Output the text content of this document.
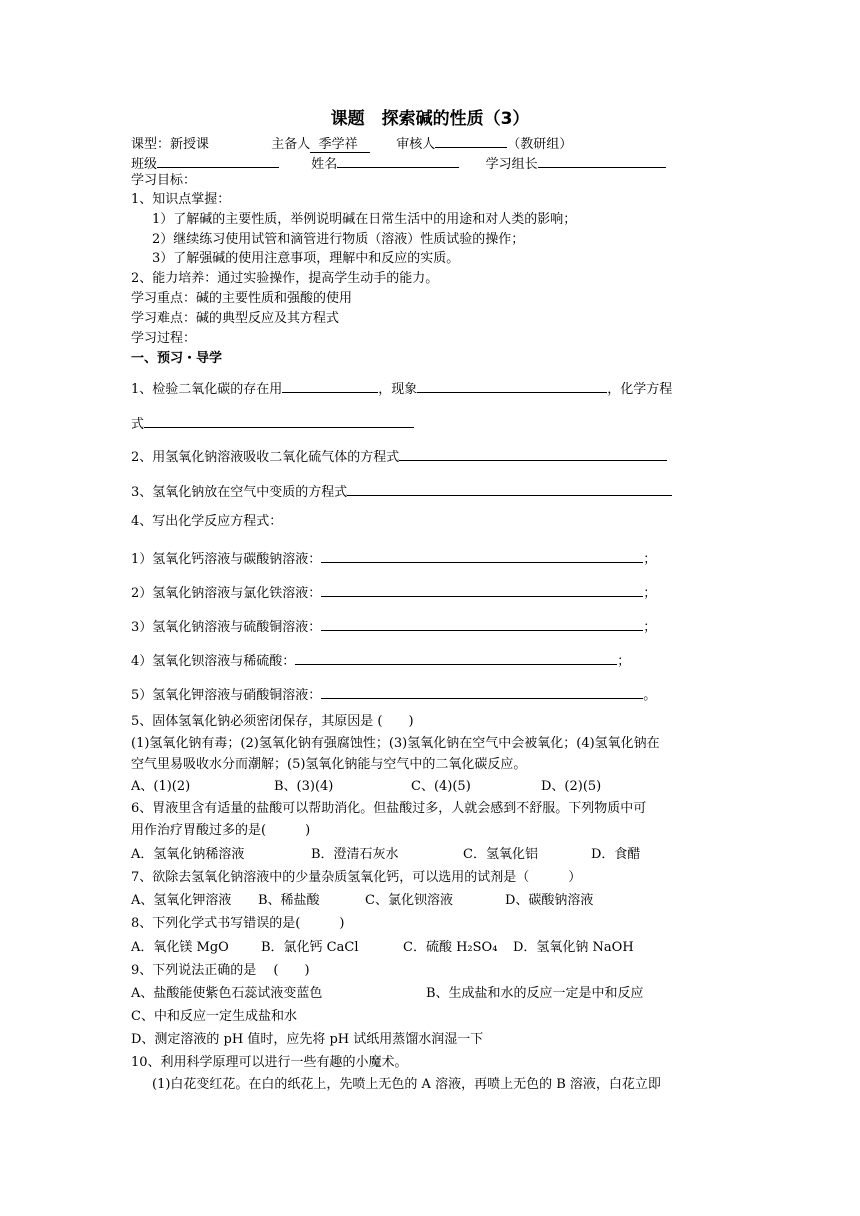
课题　探索碱的性质（3）
课型：新授课	主备人 季学祥	审核人	（教研组）
班级	姓名	学习组长
学习目标：
1、知识点掌握：
1）了解碱的主要性质，举例说明碱在日常生活中的用途和对人类的影响；
2）继续练习使用试管和滴管进行物质（溶液）性质试验的操作；
3）了解强碱的使用注意事项，理解中和反应的实质。
2、能力培养：通过实验操作，提高学生动手的能力。
学习重点：碱的主要性质和强酸的使用
学习难点：碱的典型反应及其方程式
学习过程：
一、预习・导学
1、检验二氧化碳的存在用	，现象	，化学方程
式
2、用氢氧化钠溶液吸收二氧化硫气体的方程式
3、氢氧化钠放在空气中变质的方程式
4、写出化学反应方程式：
1）氢氧化钙溶液与碳酸钠溶液：	；
2）氢氧化钠溶液与氯化铁溶液：	；
3）氢氧化钠溶液与硫酸铜溶液：	；
4）氢氧化钡溶液与稀硫酸：	；
5）氢氧化钾溶液与硝酸铜溶液：	。
5、固体氢氧化钠必须密闭保存，其原因是 (　　)
(1)氢氧化钠有毒；(2)氢氧化钠有强腐蚀性；(3)氢氧化钠在空气中会被氧化；(4)氢氧化钠在
空气里易吸收水分而潮解；(5)氢氧化钠能与空气中的二氧化碳反应。
A、(1)(2)	B、(3)(4)	C、(4)(5)	D、(2)(5)
6、胃液里含有适量的盐酸可以帮助消化。但盐酸过多，人就会感到不舒服。下列物质中可
用作治疗胃酸过多的是(　　　)
A．氢氧化钠稀溶液	B．澄清石灰水	C．氢氧化铝	D．食醋
7、欲除去氢氧化钠溶液中的少量杂质氢氧化钙，可以选用的试剂是（　　　）
A、氢氧化钾溶液 B、稀盐酸	C、氯化钡溶液	D、碳酸钠溶液
8、下列化学式书写错误的是(　　　)
A．氧化镁 MgO B．氯化钙 CaCl	C．硫酸 H₂SO₄ D．氢氧化钠 NaOH
9、下列说法正确的是　 (　　)
A、盐酸能使紫色石蕊试液变蓝色	B、生成盐和水的反应一定是中和反应
C、中和反应一定生成盐和水
D、测定溶液的 pH 值时，应先将 pH 试纸用蒸馏水润湿一下
10、利用科学原理可以进行一些有趣的小魔术。
(1)白花变红花。在白的纸花上，先喷上无色的 A 溶液，再喷上无色的 B 溶液，白花立即
